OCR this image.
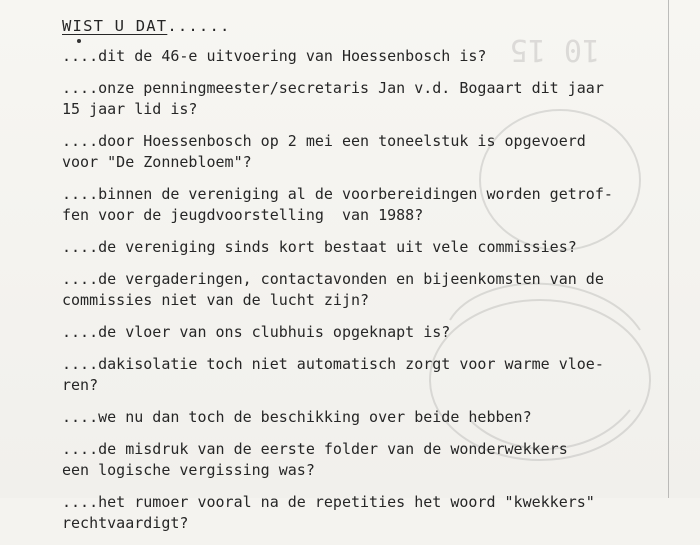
10 15
WIST U DAT......
....dit de 46-e uitvoering van Hoessenbosch is?
....onze penningmeester/secretaris Jan v.d. Bogaart dit jaar
15 jaar lid is?
....door Hoessenbosch op 2 mei een toneelstuk is opgevoerd
voor "De Zonnebloem"?
....binnen de vereniging al de voorbereidingen worden getrof-
fen voor de jeugdvoorstelling  van 1988?
....de vereniging sinds kort bestaat uit vele commissies?
....de vergaderingen, contactavonden en bijeenkomsten van de
commissies niet van de lucht zijn?
....de vloer van ons clubhuis opgeknapt is?
....dakisolatie toch niet automatisch zorgt voor warme vloe-
ren?
....we nu dan toch de beschikking over beide hebben?
....de misdruk van de eerste folder van de wonderwekkers
een logische vergissing was?
....het rumoer vooral na de repetities het woord "kwekkers"
rechtvaardigt?
